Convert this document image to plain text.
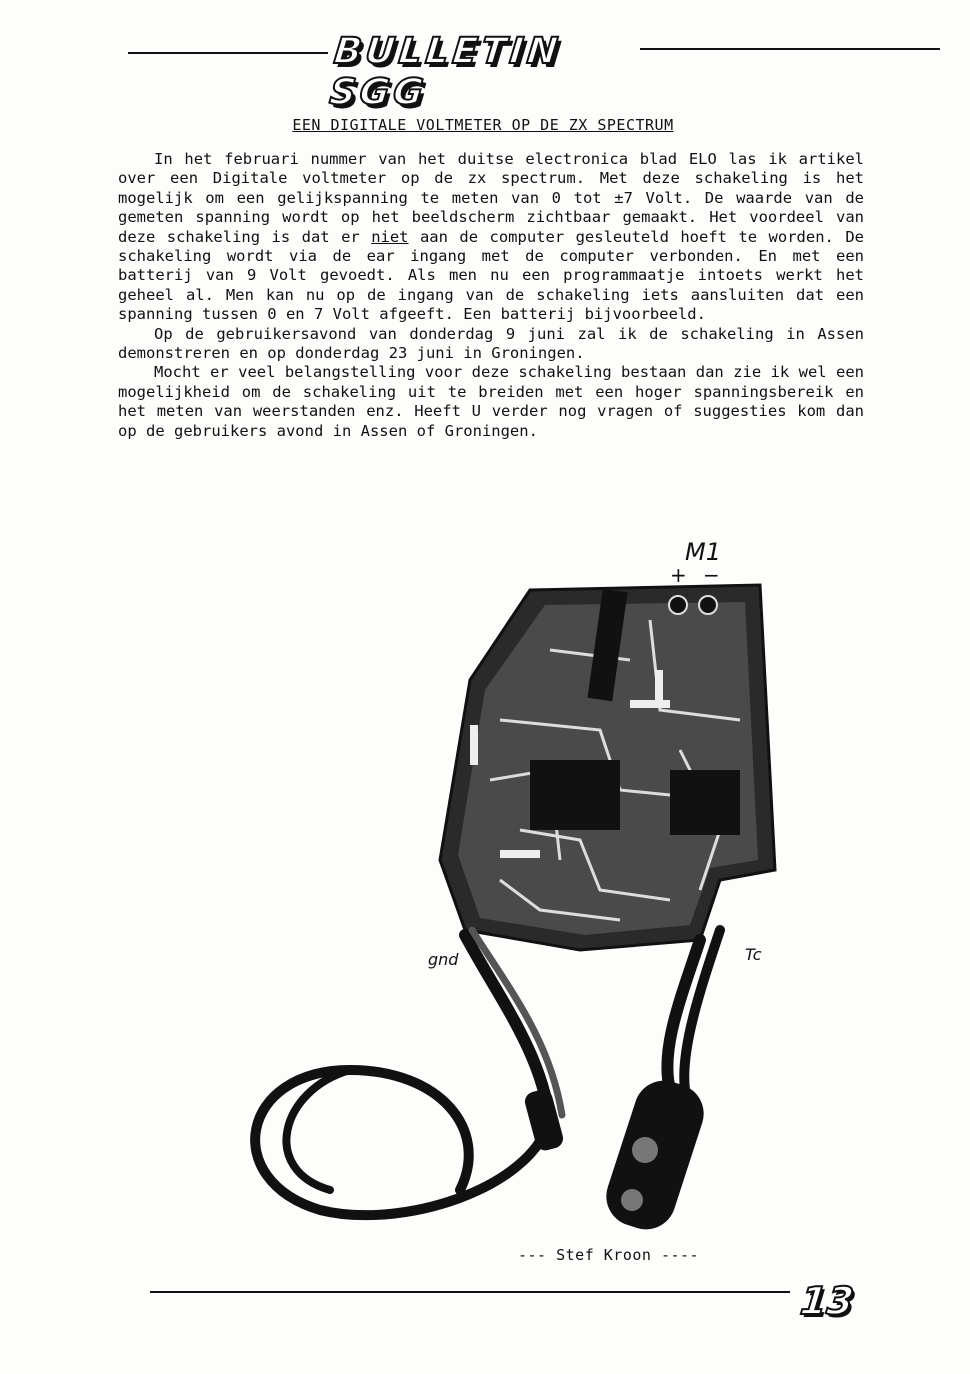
BULLETIN SGG
EEN DIGITALE VOLTMETER OP DE ZX SPECTRUM

In het februari nummer van het duitse electronica blad ELO las ik artikel over een Digitale voltmeter op de zx spectrum. Met deze schakeling is het mogelijk om een gelijkspanning te meten van 0 tot ±7 Volt. De waarde van de gemeten spanning wordt op het beeldscherm zichtbaar gemaakt. Het voordeel van deze schakeling is dat er niet aan de computer gesleuteld hoeft te worden. De schakeling wordt via de ear ingang met de computer verbonden. En met een batterij van 9 Volt gevoedt. Als men nu een programmaatje intoets werkt het geheel al. Men kan nu op de ingang van de schakeling iets aansluiten dat een spanning tussen 0 en 7 Volt afgeeft. Een batterij bijvoorbeeld.

Op de gebruikersavond van donderdag 9 juni zal ik de schakeling in Assen demonstreren en op donderdag 23 juni in Groningen.

Mocht er veel belangstelling voor deze schakeling bestaan dan zie ik wel een mogelijkheid om de schakeling uit te breiden met een hoger spanningsbereik en het meten van weerstanden enz. Heeft U verder nog vragen of suggesties kom dan op de gebruikers avond in Assen of Groningen.

M1
+ −
gnd	Tc
--- Stef Kroon ----
13
